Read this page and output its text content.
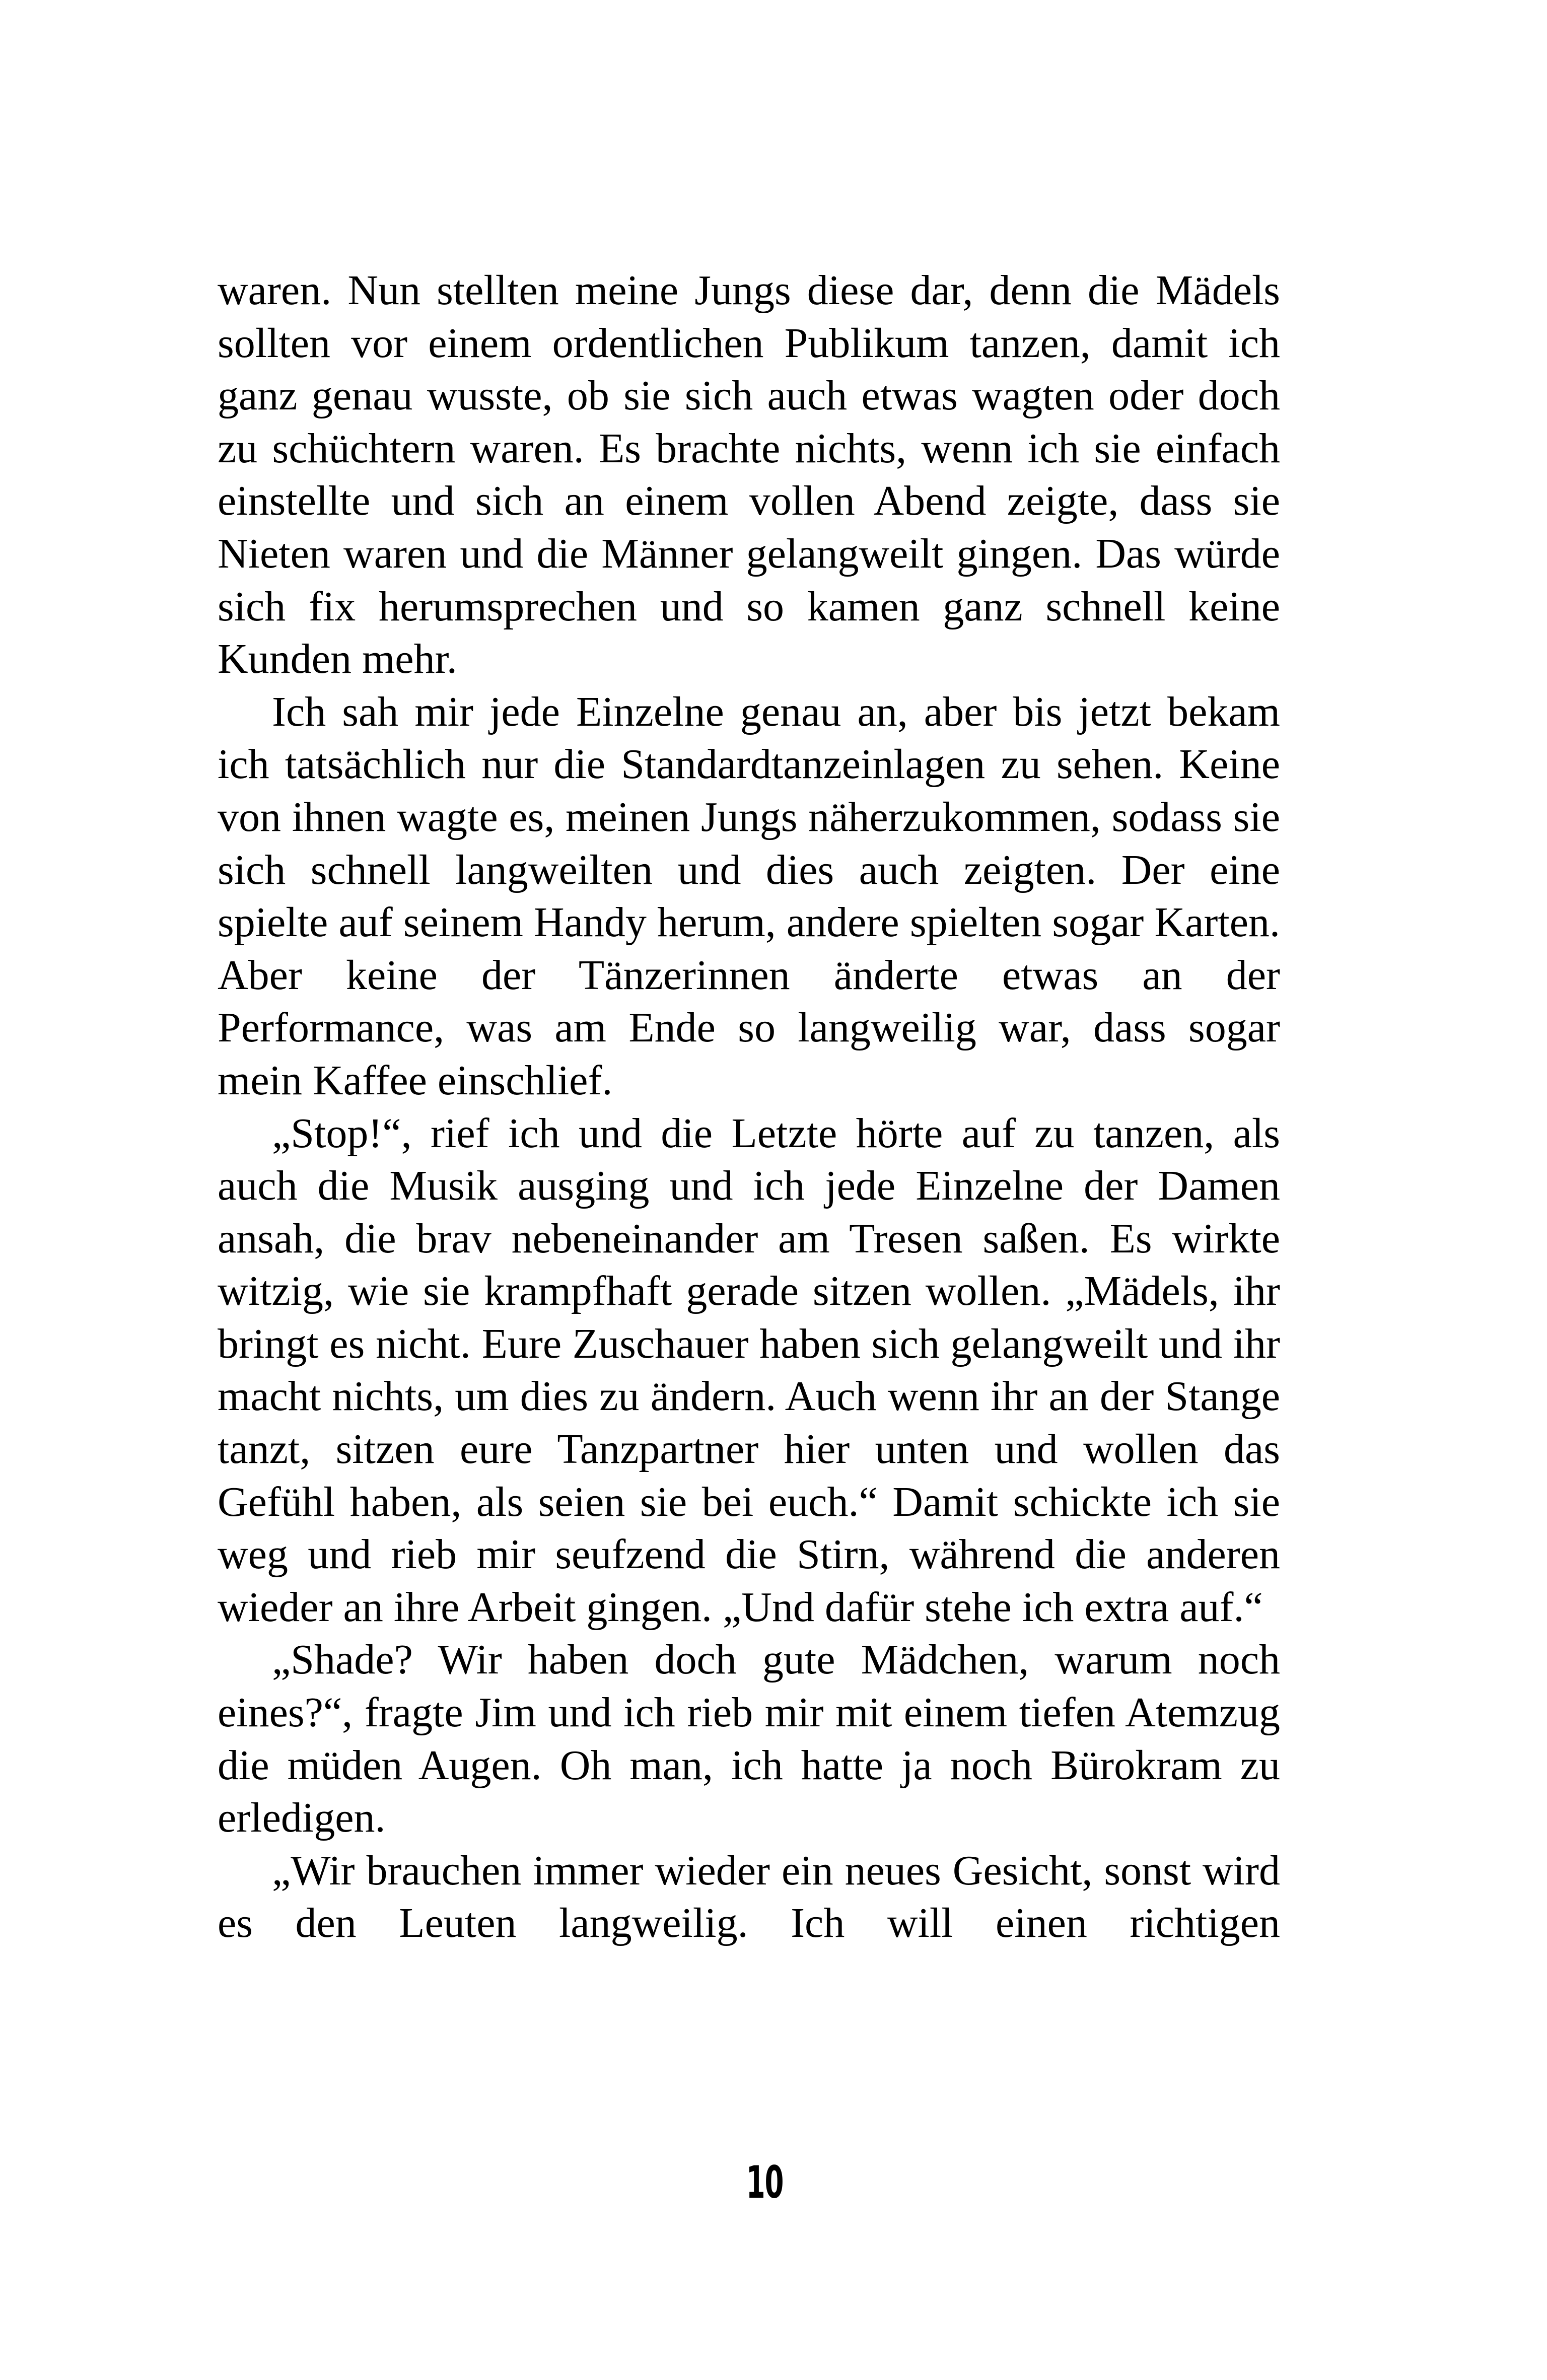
waren. Nun stellten meine Jungs diese dar, denn die Mädels sollten vor einem ordentlichen Publikum tanzen, damit ich ganz genau wusste, ob sie sich auch etwas wagten oder doch zu schüchtern waren. Es brachte nichts, wenn ich sie einfach einstellte und sich an einem vollen Abend zeigte, dass sie Nieten waren und die Männer gelangweilt gingen. Das würde sich fix herumsprechen und so kamen ganz schnell keine Kunden mehr.

Ich sah mir jede Einzelne genau an, aber bis jetzt bekam ich tatsächlich nur die Standardtanzeinlagen zu sehen. Keine von ihnen wagte es, meinen Jungs näherzukommen, sodass sie sich schnell langweilten und dies auch zeigten. Der eine spielte auf seinem Handy herum, andere spielten sogar Karten. Aber keine der Tänzerinnen änderte etwas an der Performance, was am Ende so langweilig war, dass sogar mein Kaffee einschlief.

„Stop!“, rief ich und die Letzte hörte auf zu tanzen, als auch die Musik ausging und ich jede Einzelne der Damen ansah, die brav nebeneinander am Tresen saßen. Es wirkte witzig, wie sie krampfhaft gerade sitzen wollen. „Mädels, ihr bringt es nicht. Eure Zuschauer haben sich gelangweilt und ihr macht nichts, um dies zu ändern. Auch wenn ihr an der Stange tanzt, sitzen eure Tanzpartner hier unten und wollen das Gefühl haben, als seien sie bei euch.“ Damit schickte ich sie weg und rieb mir seufzend die Stirn, während die anderen wieder an ihre Arbeit gingen. „Und dafür stehe ich extra auf.“

„Shade? Wir haben doch gute Mädchen, warum noch eines?“, fragte Jim und ich rieb mir mit einem tiefen Atemzug die müden Augen. Oh man, ich hatte ja noch Bürokram zu erledigen.

„Wir brauchen immer wieder ein neues Gesicht, sonst wird es den Leuten langweilig. Ich will einen richtigen

10
